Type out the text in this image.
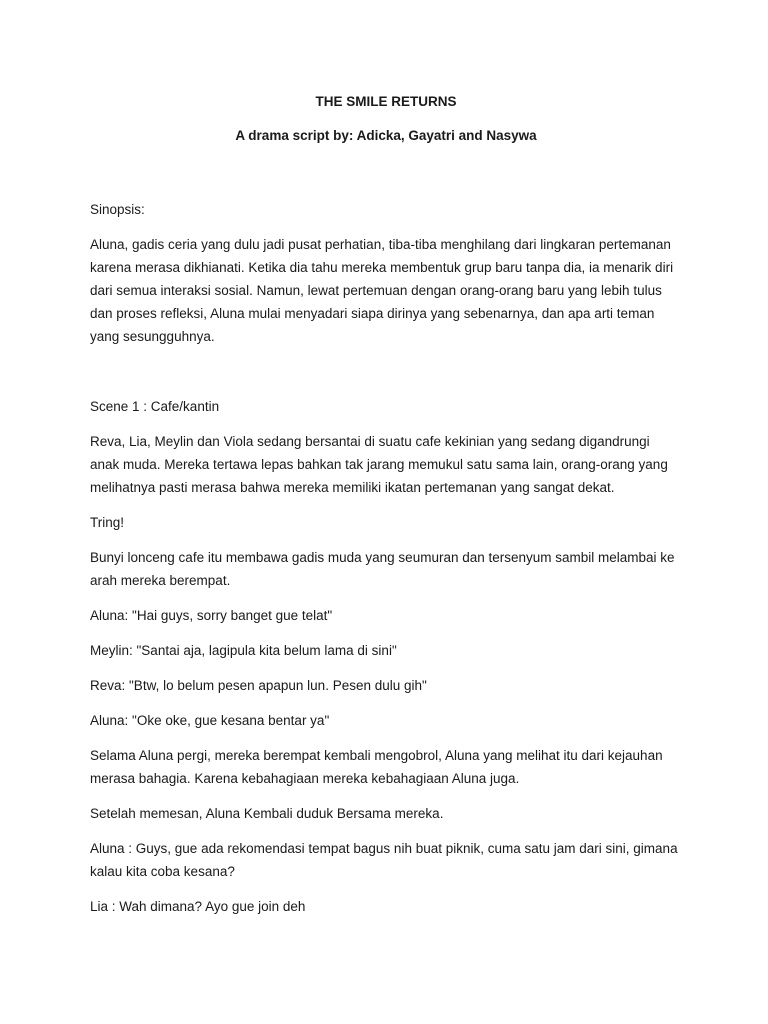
THE SMILE RETURNS
A drama script by: Adicka, Gayatri and Nasywa

Sinopsis:

Aluna, gadis ceria yang dulu jadi pusat perhatian, tiba-tiba menghilang dari lingkaran pertemanan karena merasa dikhianati. Ketika dia tahu mereka membentuk grup baru tanpa dia, ia menarik diri dari semua interaksi sosial. Namun, lewat pertemuan dengan orang-orang baru yang lebih tulus dan proses refleksi, Aluna mulai menyadari siapa dirinya yang sebenarnya, dan apa arti teman yang sesungguhnya.

Scene 1 : Cafe/kantin

Reva, Lia, Meylin dan Viola sedang bersantai di suatu cafe kekinian yang sedang digandrungi anak muda. Mereka tertawa lepas bahkan tak jarang memukul satu sama lain, orang-orang yang melihatnya pasti merasa bahwa mereka memiliki ikatan pertemanan yang sangat dekat.

Tring!

Bunyi lonceng cafe itu membawa gadis muda yang seumuran dan tersenyum sambil melambai ke arah mereka berempat.

Aluna: "Hai guys, sorry banget gue telat"

Meylin: "Santai aja, lagipula kita belum lama di sini"

Reva: "Btw, lo belum pesen apapun lun. Pesen dulu gih"

Aluna: "Oke oke, gue kesana bentar ya"

Selama Aluna pergi, mereka berempat kembali mengobrol, Aluna yang melihat itu dari kejauhan merasa bahagia. Karena kebahagiaan mereka kebahagiaan Aluna juga.

Setelah memesan, Aluna Kembali duduk Bersama mereka.

Aluna : Guys, gue ada rekomendasi tempat bagus nih buat piknik, cuma satu jam dari sini, gimana kalau kita coba kesana?

Lia : Wah dimana? Ayo gue join deh
